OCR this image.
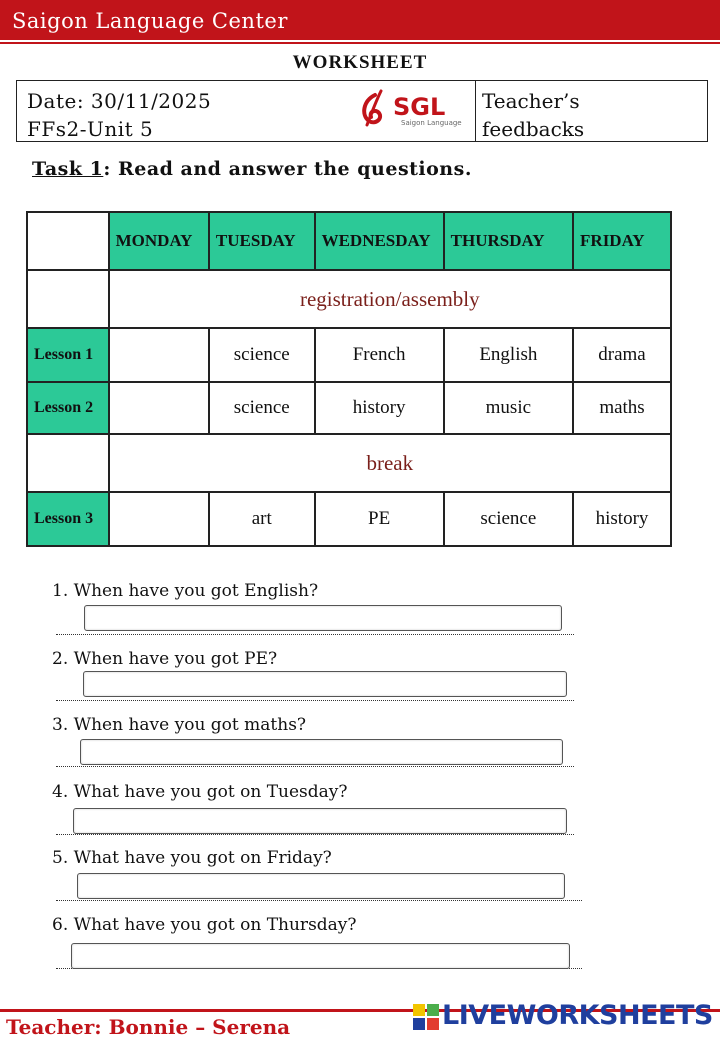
Saigon Language Center
WORKSHEET
Date: 30/11/2025
FFs2-Unit 5
SGL
Saigon Language
Teacher’s feedbacks
Task 1: Read and answer the questions.
	MONDAY	TUESDAY	WEDNESDAY	THURSDAY	FRIDAY
	registration/assembly				
Lesson 1		science	French	English	drama
Lesson 2		science	history	music	maths
	break				
Lesson 3		art	PE	science	history
1. When have you got English?
2. When have you got PE?
3. When have you got maths?
4. What have you got on Tuesday?
5. What have you got on Friday?
6. What have you got on Thursday?
Teacher: Bonnie – Serena	LIVEWORKSHEETS
